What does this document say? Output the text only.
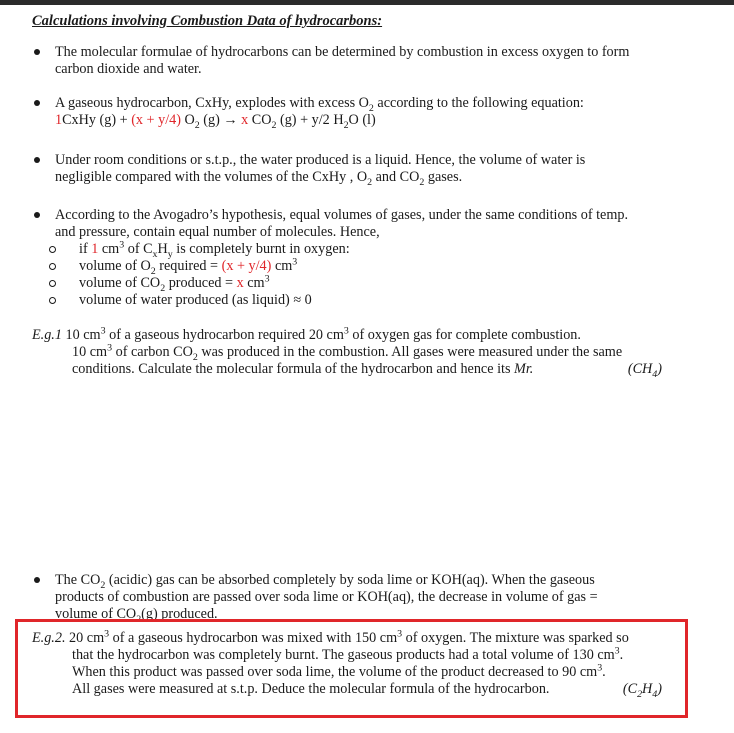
Calculations involving Combustion Data of hydrocarbons:
The molecular formulae of hydrocarbons can be determined by combustion in excess oxygen to form
carbon dioxide and water.
A gaseous hydrocarbon, CxHy, explodes with excess $O_2$ according to the following equation:
1CxHy (g) + (x + y/4) $O_2$ (g) → x $CO_2$ (g) + y/2 $H_2O$ (l)
Under room conditions or s.t.p., the water produced is a liquid. Hence, the volume of water is
negligible compared with the volumes of the CxHy , $O_2$ and $CO_2$ gases.
According to the Avogadro’s hypothesis, equal volumes of gases, under the same conditions of temp.
and pressure, contain equal number of molecules. Hence,
if 1 $cm^3$ of $C_xH_y$ is completely burnt in oxygen:
volume of $O_2$ required = (x + y/4) $cm^3$
volume of $CO_2$ produced = x $cm^3$
volume of water produced (as liquid) ≈ 0
E.g.1 10 $cm^3$ of a gaseous hydrocarbon required 20 $cm^3$ of oxygen gas for complete combustion.
10 $cm^3$ of carbon $CO_2$ was produced in the combustion. All gases were measured under the same
conditions. Calculate the molecular formula of the hydrocarbon and hence its Mr.	$(CH_4)$
The $CO_2$ (acidic) gas can be absorbed completely by soda lime or KOH(aq). When the gaseous
products of combustion are passed over soda lime or KOH(aq), the decrease in volume of gas =
volume of $CO_2(g)$ produced.
E.g.2. 20 $cm^3$ of a gaseous hydrocarbon was mixed with 150 $cm^3$ of oxygen. The mixture was sparked so
that the hydrocarbon was completely burnt. The gaseous products had a total volume of 130 $cm^3$.
When this product was passed over soda lime, the volume of the product decreased to 90 $cm^3$.
All gases were measured at s.t.p. Deduce the molecular formula of the hydrocarbon.	$(C_2H_4)$
